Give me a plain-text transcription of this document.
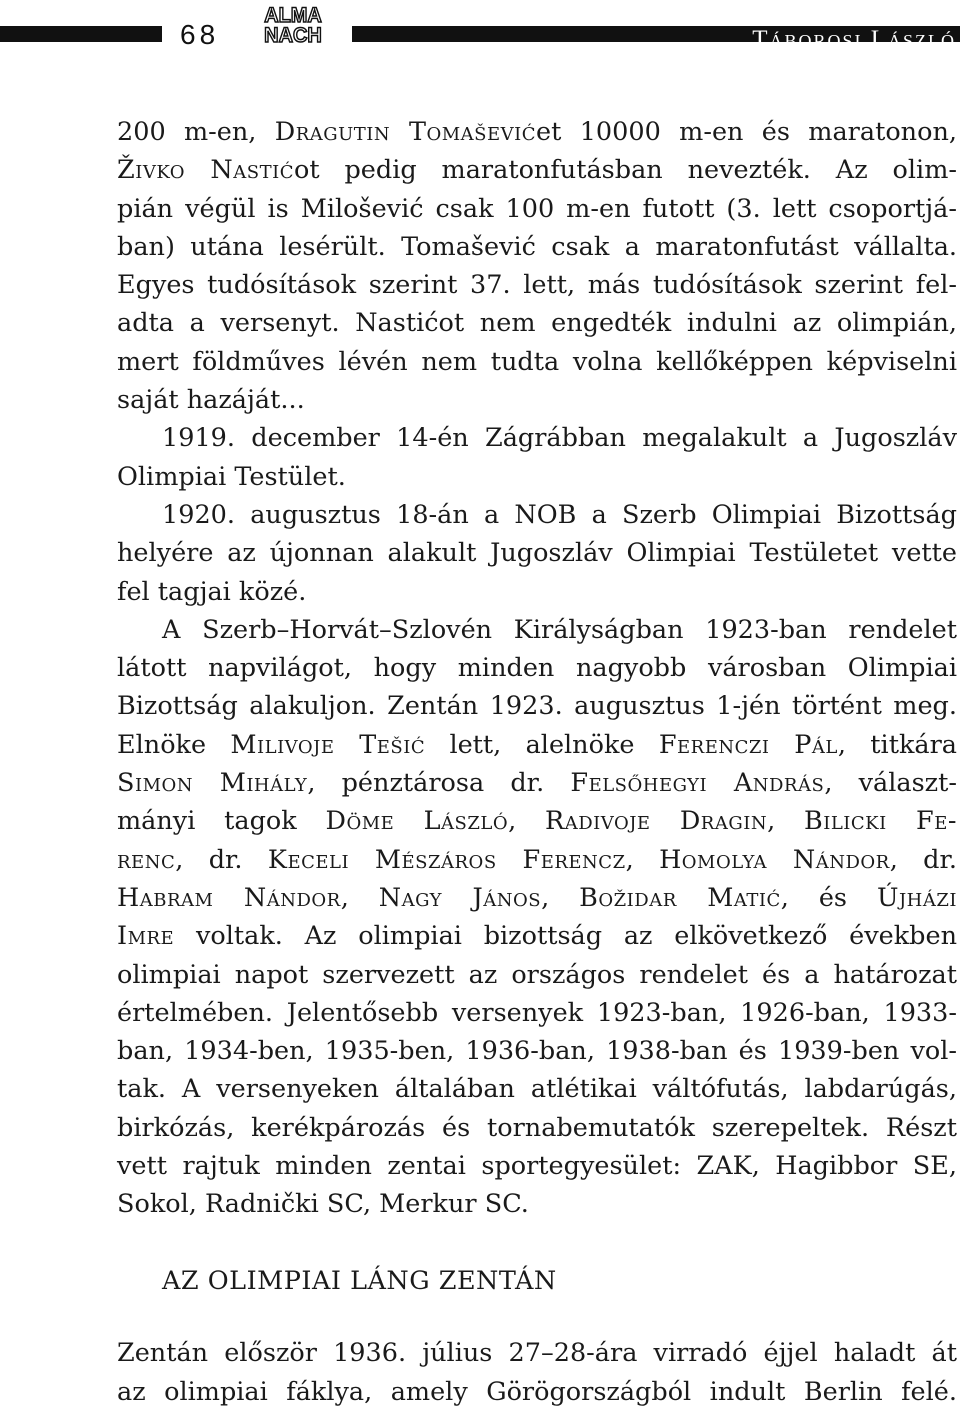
68
ALMA
NACH	Táborosi László
200 m-en, Dragutin Tomaševićet 10000 m-en és maratonon,
Živko Nastićot pedig maratonfutásban nevezték. Az olim-
pián végül is Milošević csak 100 m-en futott (3. lett csoportjá-
ban) utána lesérült. Tomašević csak a maratonfutást vállalta.
Egyes tudósítások szerint 37. lett, más tudósítások szerint fel-
adta a versenyt. Nastićot nem engedték indulni az olimpián,
mert földműves lévén nem tudta volna kellőképpen képviselni
saját hazáját...
1919. december 14-én Zágrábban megalakult a Jugoszláv
Olimpiai Testület.
1920. augusztus 18-án a NOB a Szerb Olimpiai Bizottság
helyére az újonnan alakult Jugoszláv Olimpiai Testületet vette
fel tagjai közé.
A Szerb–Horvát–Szlovén Királyságban 1923-ban rendelet
látott napvilágot, hogy minden nagyobb városban Olimpiai
Bizottság alakuljon. Zentán 1923. augusztus 1-jén történt meg.
Elnöke Milivoje Tešić lett, alelnöke Ferenczi Pál, titkára
Simon Mihály, pénztárosa dr. Felsőhegyi András, választ-
mányi tagok Döme László, Radivoje Dragin, Bilicki Fe-
renc, dr. Keceli Mészáros Ferencz, Homolya Nándor, dr.
Habram Nándor, Nagy János, Božidar Matić, és Újházi
Imre voltak. Az olimpiai bizottság az elkövetkező években
olimpiai napot szervezett az országos rendelet és a határozat
értelmében. Jelentősebb versenyek 1923-ban, 1926-ban, 1933-
ban, 1934-ben, 1935-ben, 1936-ban, 1938-ban és 1939-ben vol-
tak. A versenyeken általában atlétikai váltófutás, labdarúgás,
birkózás, kerékpározás és tornabemutatók szerepeltek. Részt
vett rajtuk minden zentai sportegyesület: ZAK, Hagibbor SE,
Sokol, Radnički SC, Merkur SC.
AZ OLIMPIAI LÁNG ZENTÁN
Zentán először 1936. július 27–28-ára virradó éjjel haladt át
az olimpiai fáklya, amely Görögországból indult Berlin felé.
